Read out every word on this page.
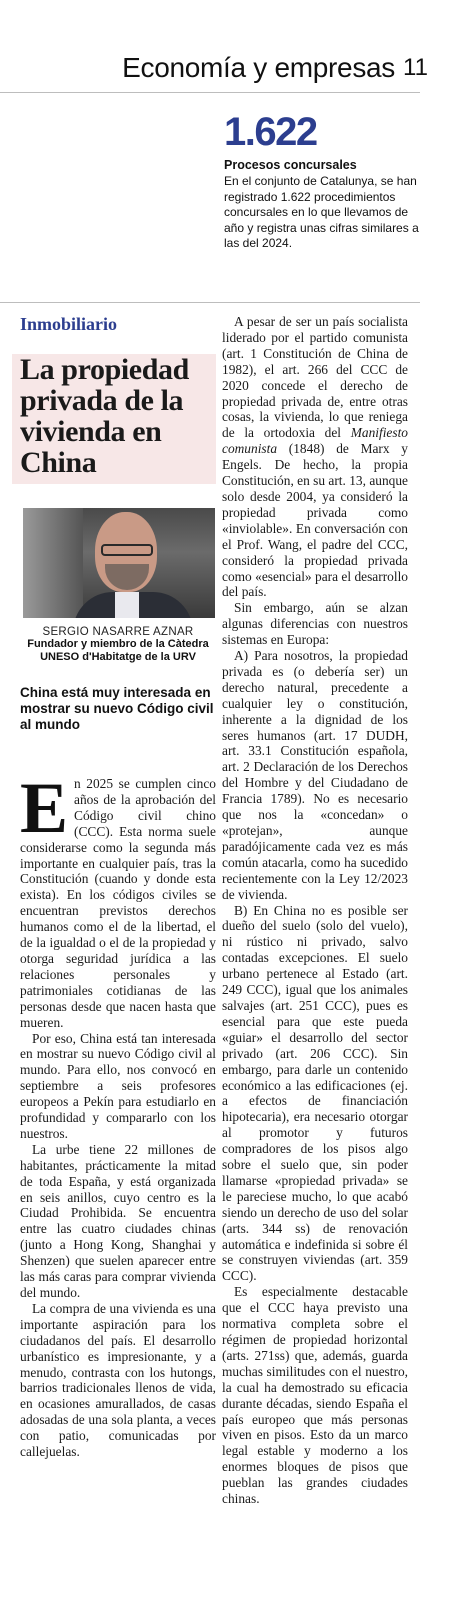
Economía y empresas 11
1.622
Procesos concursales
En el conjunto de Catalunya, se han registrado 1.622 procedimientos concursales en lo que llevamos de año y registra unas cifras similares a las del 2024.
Inmobiliario
La propiedad privada de la vivienda en China
SERGIO NASARRE AZNAR
Fundador y miembro de la Càtedra UNESO d'Habitatge de la URV
China está muy interesada en mostrar su nuevo Código civil al mundo
E n 2025 se cumplen cinco años de la aprobación del Código civil chino (CCC). Esta norma suele considerarse como la segunda más importante en cualquier país, tras la Constitución (cuando y donde esta exista). En los códigos civiles se encuentran previstos derechos humanos como el de la libertad, el de la igualdad o el de la propiedad y otorga seguridad jurídica a las relaciones personales y patrimoniales cotidianas de las personas desde que nacen hasta que mueren.

Por eso, China está tan interesada en mostrar su nuevo Código civil al mundo. Para ello, nos convocó en septiembre a seis profesores europeos a Pekín para estudiarlo en profundidad y compararlo con los nuestros.

La urbe tiene 22 millones de habitantes, prácticamente la mitad de toda España, y está organizada en seis anillos, cuyo centro es la Ciudad Prohibida. Se encuentra entre las cuatro ciudades chinas (junto a Hong Kong, Shanghai y Shenzen) que suelen aparecer entre las más caras para comprar vivienda del mundo.

La compra de una vivienda es una importante aspiración para los ciudadanos del país. El desarrollo urbanístico es impresionante, y a menudo, contrasta con los hutongs, barrios tradicionales llenos de vida, en ocasiones amurallados, de casas adosadas de una sola planta, a veces con patio, comunicadas por callejuelas.

A pesar de ser un país socialista liderado por el partido comunista (art. 1 Constitución de China de 1982), el art. 266 del CCC de 2020 concede el derecho de propiedad privada de, entre otras cosas, la vivienda, lo que reniega de la ortodoxia del Manifiesto comunista (1848) de Marx y Engels. De hecho, la propia Constitución, en su art. 13, aunque solo desde 2004, ya consideró la propiedad privada como «inviolable». En conversación con el Prof. Wang, el padre del CCC, consideró la propiedad privada como «esencial» para el desarrollo del país.

Sin embargo, aún se alzan algunas diferencias con nuestros sistemas en Europa:

A) Para nosotros, la propiedad privada es (o debería ser) un derecho natural, precedente a cualquier ley o constitución, inherente a la dignidad de los seres humanos (art. 17 DUDH, art. 33.1 Constitución española, art. 2 Declaración de los Derechos del Hombre y del Ciudadano de Francia 1789). No es necesario que nos la «concedan» o «protejan», aunque paradójicamente cada vez es más común atacarla, como ha sucedido recientemente con la Ley 12/2023 de vivienda.

B) En China no es posible ser dueño del suelo (solo del vuelo), ni rústico ni privado, salvo contadas excepciones. El suelo urbano pertenece al Estado (art. 249 CCC), igual que los animales salvajes (art. 251 CCC), pues es esencial para que este pueda «guiar» el desarrollo del sector privado (art. 206 CCC). Sin embargo, para darle un contenido económico a las edificaciones (ej. a efectos de financiación hipotecaria), era necesario otorgar al promotor y futuros compradores de los pisos algo sobre el suelo que, sin poder llamarse «propiedad privada» se le pareciese mucho, lo que acabó siendo un derecho de uso del solar (arts. 344 ss) de renovación automática e indefinida si sobre él se construyen viviendas (art. 359 CCC).

Es especialmente destacable que el CCC haya previsto una normativa completa sobre el régimen de propiedad horizontal (arts. 271ss) que, además, guarda muchas similitudes con el nuestro, la cual ha demostrado su eficacia durante décadas, siendo España el país europeo que más personas viven en pisos. Esto da un marco legal estable y moderno a los enormes bloques de pisos que pueblan las grandes ciudades chinas.
